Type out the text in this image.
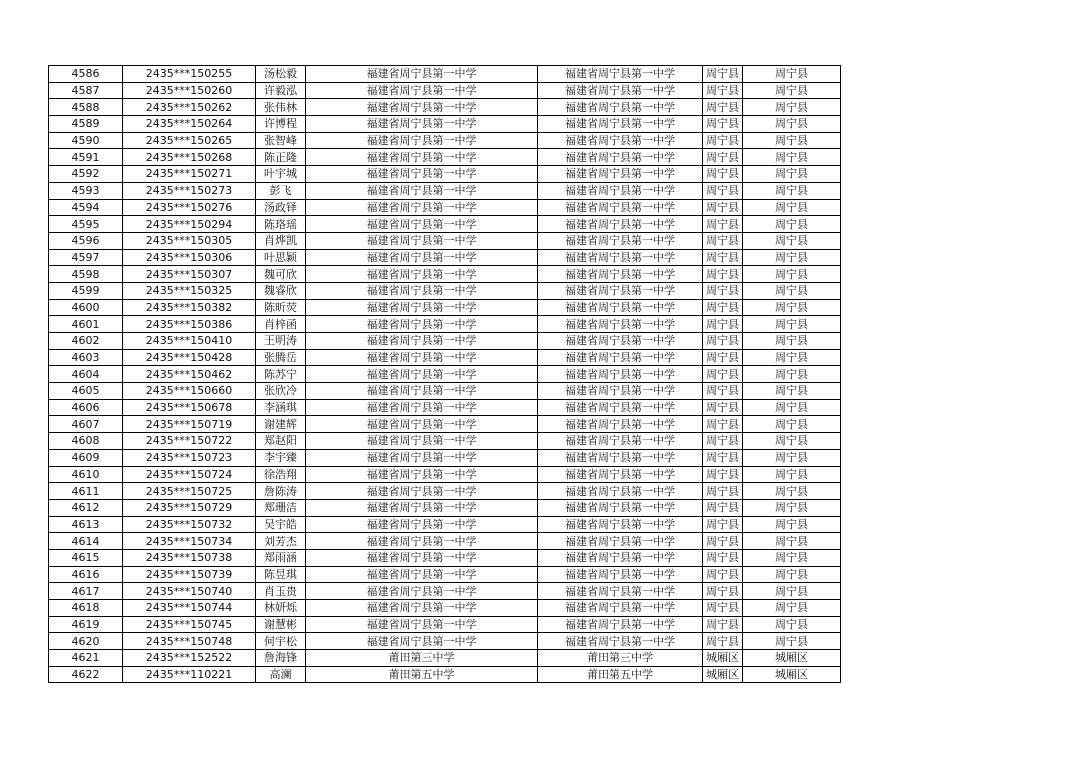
4586	2435***150255	汤松毅	福建省周宁县第一中学	福建省周宁县第一中学	周宁县	周宁县
4587	2435***150260	许毅泓	福建省周宁县第一中学	福建省周宁县第一中学	周宁县	周宁县
4588	2435***150262	张伟林	福建省周宁县第一中学	福建省周宁县第一中学	周宁县	周宁县
4589	2435***150264	许博程	福建省周宁县第一中学	福建省周宁县第一中学	周宁县	周宁县
4590	2435***150265	张智峰	福建省周宁县第一中学	福建省周宁县第一中学	周宁县	周宁县
4591	2435***150268	陈正隆	福建省周宁县第一中学	福建省周宁县第一中学	周宁县	周宁县
4592	2435***150271	叶宇城	福建省周宁县第一中学	福建省周宁县第一中学	周宁县	周宁县
4593	2435***150273	彭飞	福建省周宁县第一中学	福建省周宁县第一中学	周宁县	周宁县
4594	2435***150276	汤政铎	福建省周宁县第一中学	福建省周宁县第一中学	周宁县	周宁县
4595	2435***150294	陈珞瑶	福建省周宁县第一中学	福建省周宁县第一中学	周宁县	周宁县
4596	2435***150305	肖烨凯	福建省周宁县第一中学	福建省周宁县第一中学	周宁县	周宁县
4597	2435***150306	叶思颖	福建省周宁县第一中学	福建省周宁县第一中学	周宁县	周宁县
4598	2435***150307	魏可欣	福建省周宁县第一中学	福建省周宁县第一中学	周宁县	周宁县
4599	2435***150325	魏睿欣	福建省周宁县第一中学	福建省周宁县第一中学	周宁县	周宁县
4600	2435***150382	陈昕荧	福建省周宁县第一中学	福建省周宁县第一中学	周宁县	周宁县
4601	2435***150386	肖梓函	福建省周宁县第一中学	福建省周宁县第一中学	周宁县	周宁县
4602	2435***150410	王明涛	福建省周宁县第一中学	福建省周宁县第一中学	周宁县	周宁县
4603	2435***150428	张腾岳	福建省周宁县第一中学	福建省周宁县第一中学	周宁县	周宁县
4604	2435***150462	陈苏宁	福建省周宁县第一中学	福建省周宁县第一中学	周宁县	周宁县
4605	2435***150660	张欣冷	福建省周宁县第一中学	福建省周宁县第一中学	周宁县	周宁县
4606	2435***150678	李涵琪	福建省周宁县第一中学	福建省周宁县第一中学	周宁县	周宁县
4607	2435***150719	谢建辉	福建省周宁县第一中学	福建省周宁县第一中学	周宁县	周宁县
4608	2435***150722	郑赵阳	福建省周宁县第一中学	福建省周宁县第一中学	周宁县	周宁县
4609	2435***150723	李宇臻	福建省周宁县第一中学	福建省周宁县第一中学	周宁县	周宁县
4610	2435***150724	徐浩翔	福建省周宁县第一中学	福建省周宁县第一中学	周宁县	周宁县
4611	2435***150725	詹陈涛	福建省周宁县第一中学	福建省周宁县第一中学	周宁县	周宁县
4612	2435***150729	郑珊洁	福建省周宁县第一中学	福建省周宁县第一中学	周宁县	周宁县
4613	2435***150732	吴宇皓	福建省周宁县第一中学	福建省周宁县第一中学	周宁县	周宁县
4614	2435***150734	刘芳杰	福建省周宁县第一中学	福建省周宁县第一中学	周宁县	周宁县
4615	2435***150738	郑雨涵	福建省周宁县第一中学	福建省周宁县第一中学	周宁县	周宁县
4616	2435***150739	陈昱琪	福建省周宁县第一中学	福建省周宁县第一中学	周宁县	周宁县
4617	2435***150740	肖玉贵	福建省周宁县第一中学	福建省周宁县第一中学	周宁县	周宁县
4618	2435***150744	林妍烁	福建省周宁县第一中学	福建省周宁县第一中学	周宁县	周宁县
4619	2435***150745	谢慧彬	福建省周宁县第一中学	福建省周宁县第一中学	周宁县	周宁县
4620	2435***150748	何宇松	福建省周宁县第一中学	福建省周宁县第一中学	周宁县	周宁县
4621	2435***152522	詹海锋	莆田第三中学	莆田第三中学	城厢区	城厢区
4622	2435***110221	高澜	莆田第五中学	莆田第五中学	城厢区	城厢区
